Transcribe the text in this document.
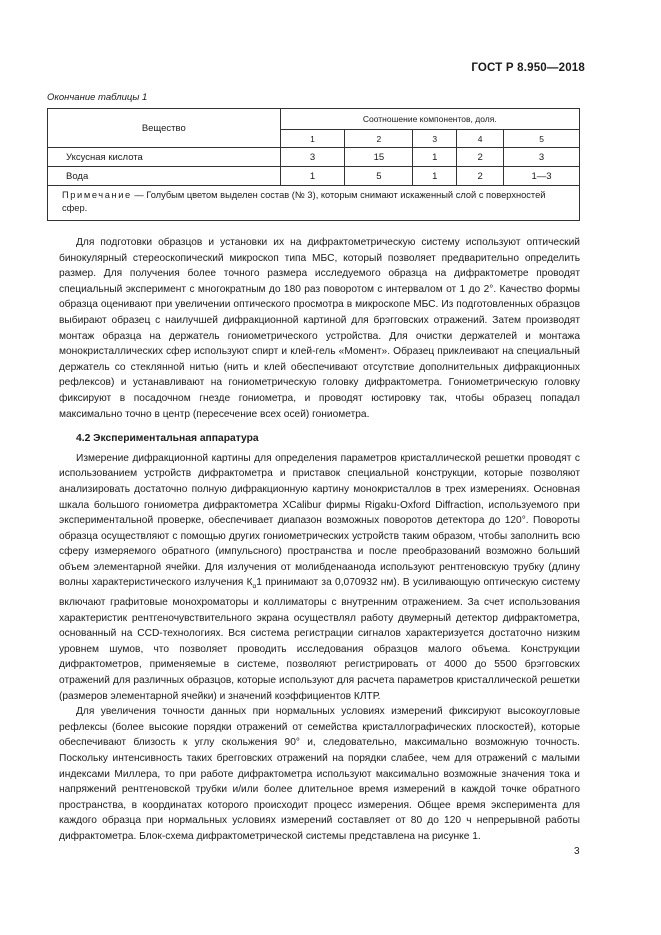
ГОСТ Р 8.950—2018
Окончание таблицы 1
Вещество	Соотношение компонентов, доля.				
	1	2	3	4	5
Уксусная кислота	3	15	1	2	3
Вода	1	5	1	2	1—3
Примечание — Голубым цветом выделен состав (№ 3), которым снимают искаженный слой с поверхностей сфер.					

Для подготовки образцов и установки их на дифрактометрическую систему используют оптический бинокулярный стереоскопический микроскоп типа МБС, который позволяет предварительно определить размер. Для получения более точного размера исследуемого образца на дифрактометре проводят специальный эксперимент с многократным до 180 раз поворотом с интервалом от 1 до 2°. Качество формы образца оценивают при увеличении оптического просмотра в микроскопе МБС. Из подготовленных образцов выбирают образец с наилучшей дифракционной картиной для брэгговских отражений. Затем производят монтаж образца на держатель гониометрического устройства. Для очистки держателей и монтажа монокристаллических сфер используют спирт и клей-гель «Момент». Образец приклеивают на специальный держатель со стеклянной нитью (нить и клей обеспечивают отсутствие дополнительных дифракционных рефлексов) и устанавливают на гониометрическую головку дифрактометра. Гониометрическую головку фиксируют в посадочном гнезде гониометра, и проводят юстировку так, чтобы образец попадал максимально точно в центр (пересечение всех осей) гониометра.

4.2 Экспериментальная аппаратура

Измерение дифракционной картины для определения параметров кристаллической решетки проводят с использованием устройств дифрактометра и приставок специальной конструкции, которые позволяют анализировать достаточно полную дифракционную картину монокристаллов в трех измерениях. Основная шкала большого гониометра дифрактометра XCalibur фирмы Rigaku-Oxford Diffraction, используемого при экспериментальной проверке, обеспечивает диапазон возможных поворотов детектора до 120°. Повороты образца осуществляют с помощью других гониометрических устройств таким образом, чтобы заполнить всю сферу измеряемого обратного (импульсного) пространства и после преобразований возможно больший объем элементарной ячейки. Для излучения от молибденаанода используют рентгеновскую трубку (длину волны характеристического излучения $К_\alpha 1$ принимают за 0,070932 нм). В усиливающую оптическую систему включают графитовые монохроматоры и коллиматоры с внутренним отражением. За счет использования характеристик рентгеночувствительного экрана осуществлял работу двумерный детектор дифрактометра, основанный на CCD-технологиях. Вся система регистрации сигналов характеризуется достаточно низким уровнем шумов, что позволяет проводить исследования образцов малого объема. Конструкции дифрактометров, применяемые в системе, позволяют регистрировать от 4000 до 5500 брэгговских отражений для различных образцов, которые используют для расчета параметров кристаллической решетки (размеров элементарной ячейки) и значений коэффициентов КЛТР.

Для увеличения точности данных при нормальных условиях измерений фиксируют высокоугловые рефлексы (более высокие порядки отражений от семейства кристаллографических плоскостей), которые обеспечивают близость к углу скольжения 90° и, следовательно, максимально возможную точность. Поскольку интенсивность таких брегговских отражений на порядки слабее, чем для отражений с малыми индексами Миллера, то при работе дифрактометра используют максимально возможные значения тока и напряжений рентгеновской трубки и/или более длительное время измерений в каждой точке обратного пространства, в координатах которого происходит процесс измерения. Общее время эксперимента для каждого образца при нормальных условиях измерений составляет от 80 до 120 ч непрерывной работы дифрактометра. Блок-схема дифрактометрической системы представлена на рисунке 1.

3
